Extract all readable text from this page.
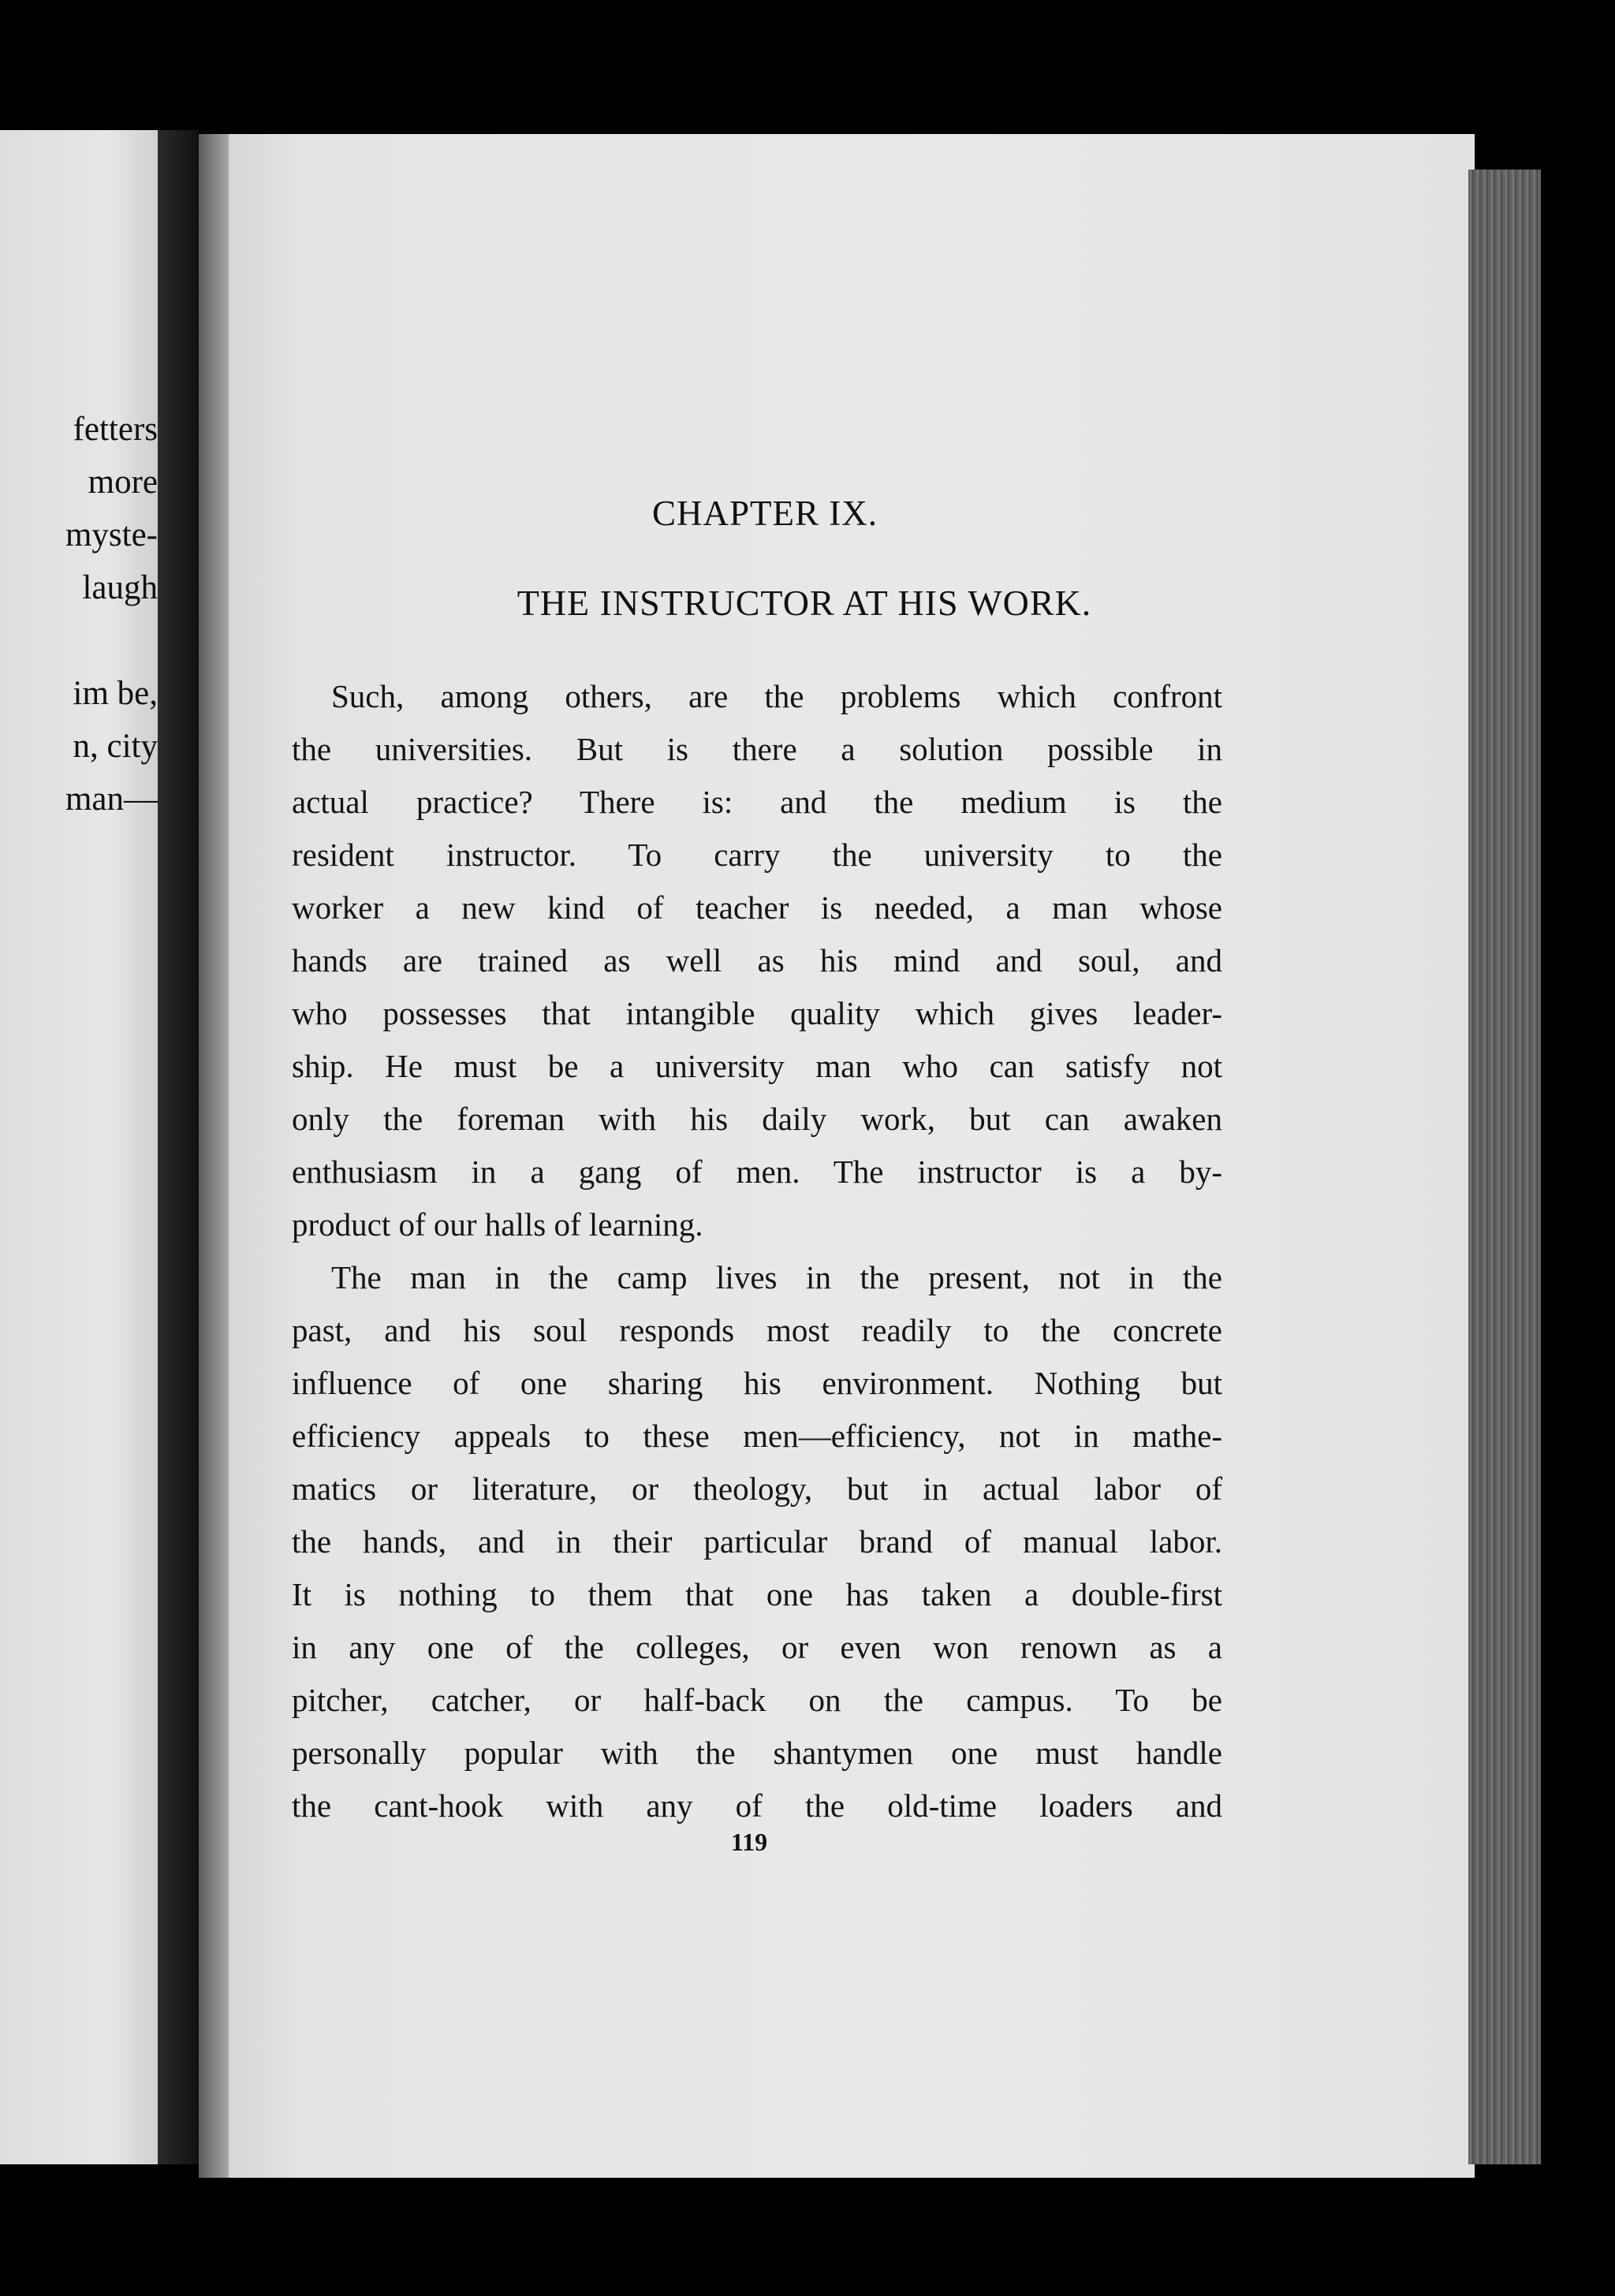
fetters
more
myste-
laugh
im be,
n, city
man—
CHAPTER IX.
THE INSTRUCTOR AT HIS WORK.
Such, among others, are the problems which confront
the universities. But is there a solution possible in
actual practice? There is: and the medium is the
resident instructor. To carry the university to the
worker a new kind of teacher is needed, a man whose
hands are trained as well as his mind and soul, and
who possesses that intangible quality which gives leader-
ship. He must be a university man who can satisfy not
only the foreman with his daily work, but can awaken
enthusiasm in a gang of men. The instructor is a by-
product of our halls of learning.
The man in the camp lives in the present, not in the
past, and his soul responds most readily to the concrete
influence of one sharing his environment. Nothing but
efficiency appeals to these men—efficiency, not in mathe-
matics or literature, or theology, but in actual labor of
the hands, and in their particular brand of manual labor.
It is nothing to them that one has taken a double-first
in any one of the colleges, or even won renown as a
pitcher, catcher, or half-back on the campus. To be
personally popular with the shantymen one must handle
the cant-hook with any of the old-time loaders and
119
